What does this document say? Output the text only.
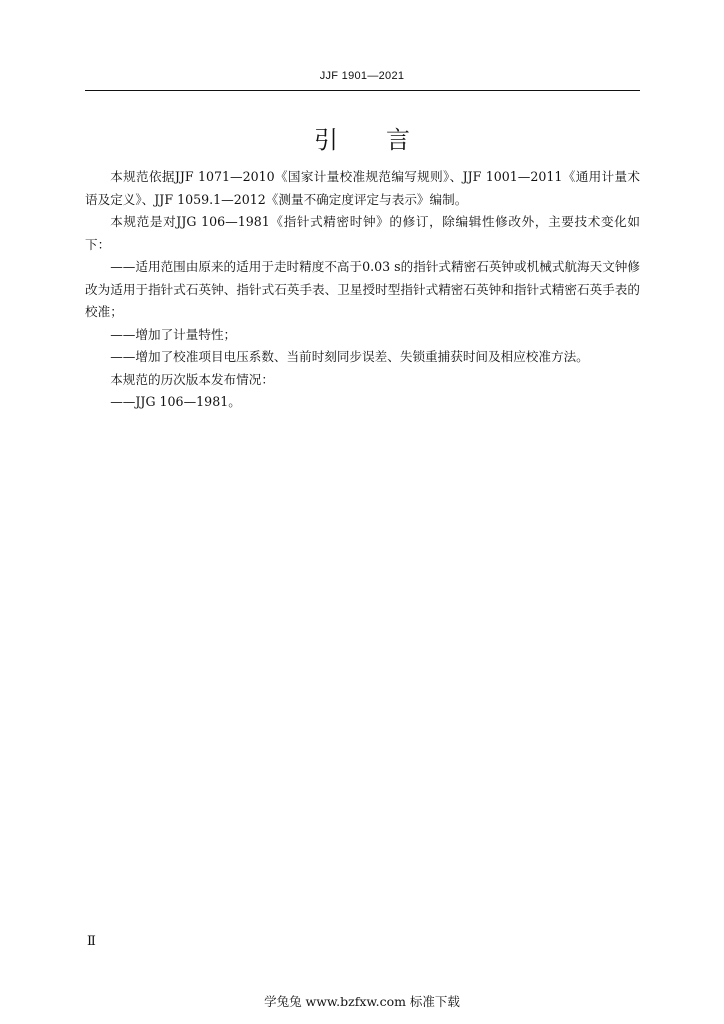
JJF 1901—2021
引 言

本规范依据JJF 1071—2010《国家计量校准规范编写规则》、JJF 1001—2011《通用计量术语及定义》、JJF 1059.1—2012《测量不确定度评定与表示》编制。

本规范是对JJG 106—1981《指针式精密时钟》的修订，除编辑性修改外，主要技术变化如下：

——适用范围由原来的适用于走时精度不高于0.03 s的指针式精密石英钟或机械式航海天文钟修改为适用于指针式石英钟、指针式石英手表、卫星授时型指针式精密石英钟和指针式精密石英手表的校准；

——增加了计量特性；

——增加了校准项目电压系数、当前时刻同步误差、失锁重捕获时间及相应校准方法。

本规范的历次版本发布情况：

——JJG 106—1981。

Ⅱ
学兔兔 www.bzfxw.com 标准下载
